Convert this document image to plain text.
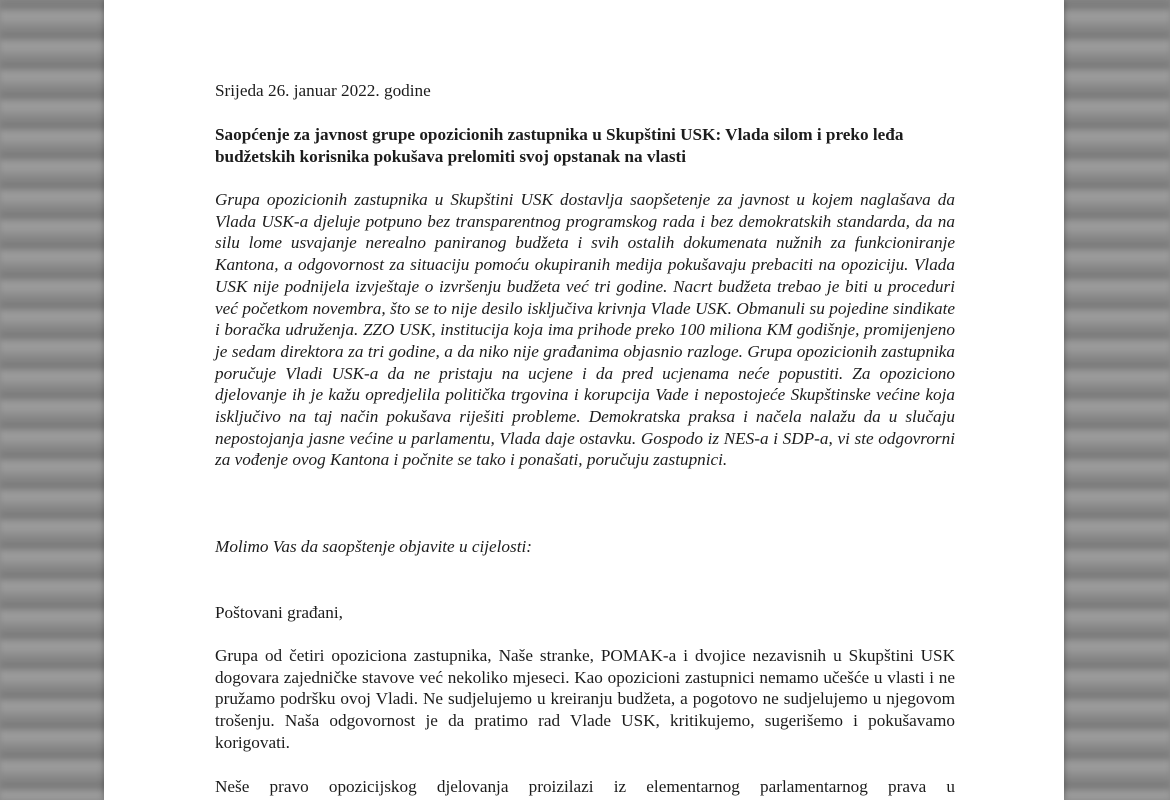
Srijeda 26. januar 2022. godine
Saopćenje za javnost grupe opozicionih zastupnika u Skupštini USK: Vlada silom i preko leđa budžetskih korisnika pokušava prelomiti svoj opstanak na vlasti
Grupa opozicionih zastupnika u Skupštini USK dostavlja saopšetenje za javnost u kojem naglašava da Vlada USK-a djeluje potpuno bez transparentnog programskog rada i bez demokratskih standarda, da na silu lome usvajanje nerealno paniranog budžeta i svih ostalih dokumenata nužnih za funkcioniranje Kantona, a odgovornost za situaciju pomoću okupiranih medija pokušavaju prebaciti na opoziciju. Vlada USK nije podnijela izvještaje o izvršenju budžeta već tri godine. Nacrt budžeta trebao je biti u proceduri već početkom novembra, što se to nije desilo isključiva krivnja Vlade USK. Obmanuli su pojedine sindikate i boračka udruženja. ZZO USK, institucija koja ima prihode preko 100 miliona KM godišnje, promijenjeno je sedam direktora za tri godine, a da niko nije građanima objasnio razloge. Grupa opozicionih zastupnika poručuje Vladi USK-a da ne pristaju na ucjene i da pred ucjenama neće popustiti. Za opoziciono djelovanje ih je kažu opredjelila politička trgovina i korupcija Vade i nepostojeće Skupštinske većine koja isključivo na taj način pokušava riješiti probleme. Demokratska praksa i načela nalažu da u slučaju nepostojanja jasne većine u parlamentu, Vlada daje ostavku. Gospodo iz NES-a i SDP-a, vi ste odgovrorni za vođenje ovog Kantona i počnite se tako i ponašati, poručuju zastupnici.
Molimo Vas da saopštenje objavite u cijelosti:
Poštovani građani,
Grupa od četiri opoziciona zastupnika, Naše stranke, POMAK-a i dvojice nezavisnih u Skupštini USK dogovara zajedničke stavove već nekoliko mjeseci. Kao opozicioni zastupnici nemamo učešće u vlasti i ne pružamo podršku ovoj Vladi. Ne sudjelujemo u kreiranju budžeta, a pogotovo ne sudjelujemo u njegovom trošenju. Naša odgovornost je da pratimo rad Vlade USK, kritikujemo, sugerišemo i pokušavamo korigovati.
Neše pravo opozicijskog djelovanja proizilazi iz elementarnog parlamentarnog prava u
